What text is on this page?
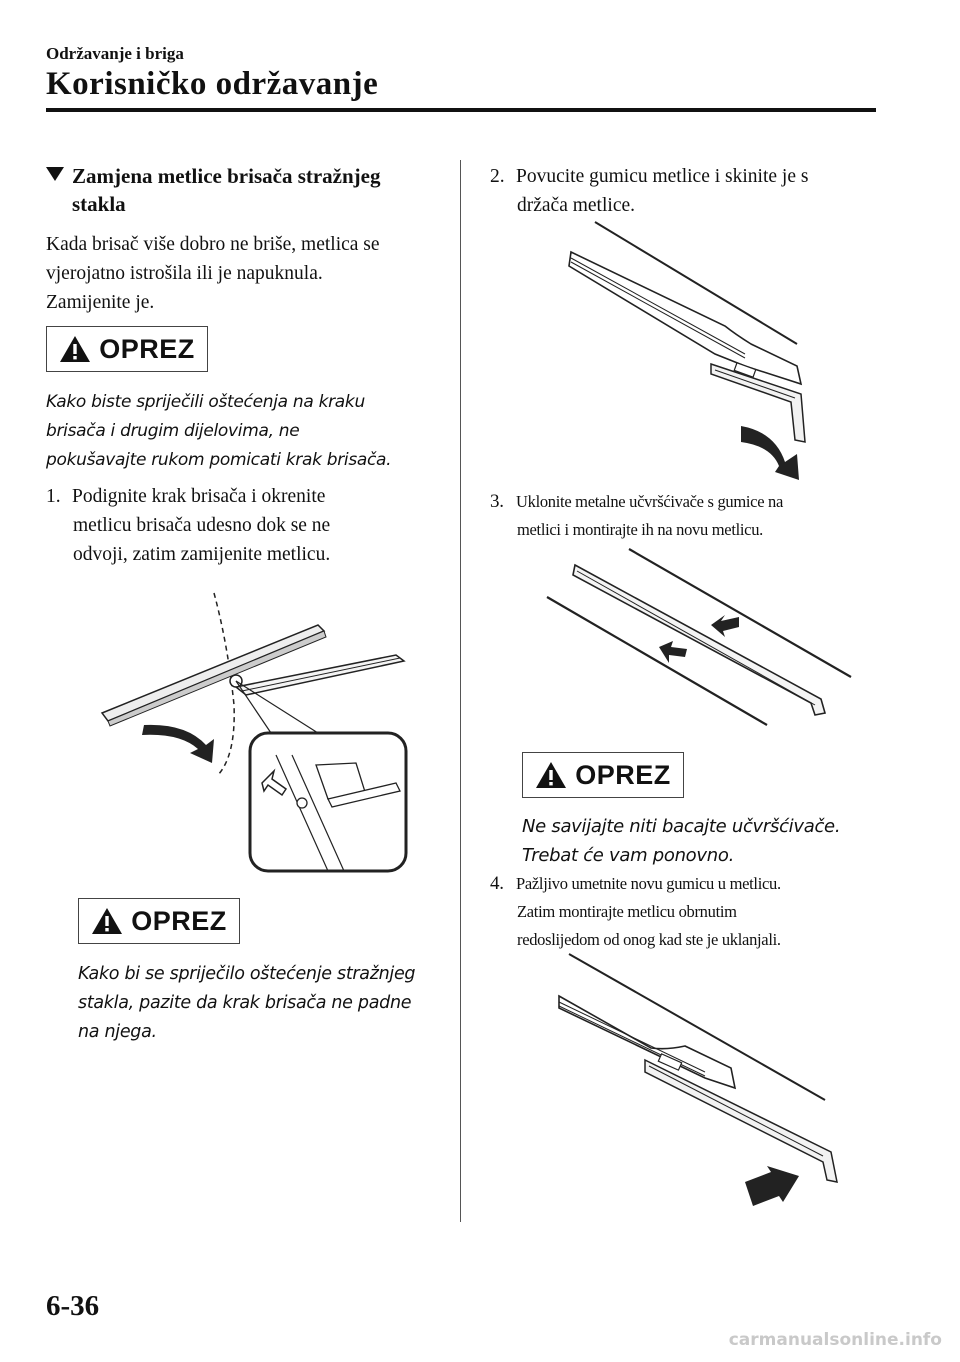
Održavanje i briga
Korisničko održavanje
Zamjena metlice brisača stražnjeg
stakla
Kada brisač više dobro ne briše, metlica se
vjerojatno istrošila ili je napuknula.
Zamijenite je.
OPREZ
Kako biste spriječili oštećenja na kraku
brisača i drugim dijelovima, ne
pokušavajte rukom pomicati krak brisača.
1. Podignite krak brisača i okrenite
metlicu brisača udesno dok se ne
odvoji, zatim zamijenite metlicu.
OPREZ
Kako bi se spriječilo oštećenje stražnjeg
stakla, pazite da krak brisača ne padne
na njega.
2. Povucite gumicu metlice i skinite je s
držača metlice.
3. Uklonite metalne učvršćivače s gumice na
metlici i montirajte ih na novu metlicu.
OPREZ
Ne savijajte niti bacajte učvršćivače.
Trebat će vam ponovno.
4. Pažljivo umetnite novu gumicu u metlicu.
Zatim montirajte metlicu obrnutim
redoslijedom od onog kad ste je uklanjali.
6-36
carmanualsonline.info
